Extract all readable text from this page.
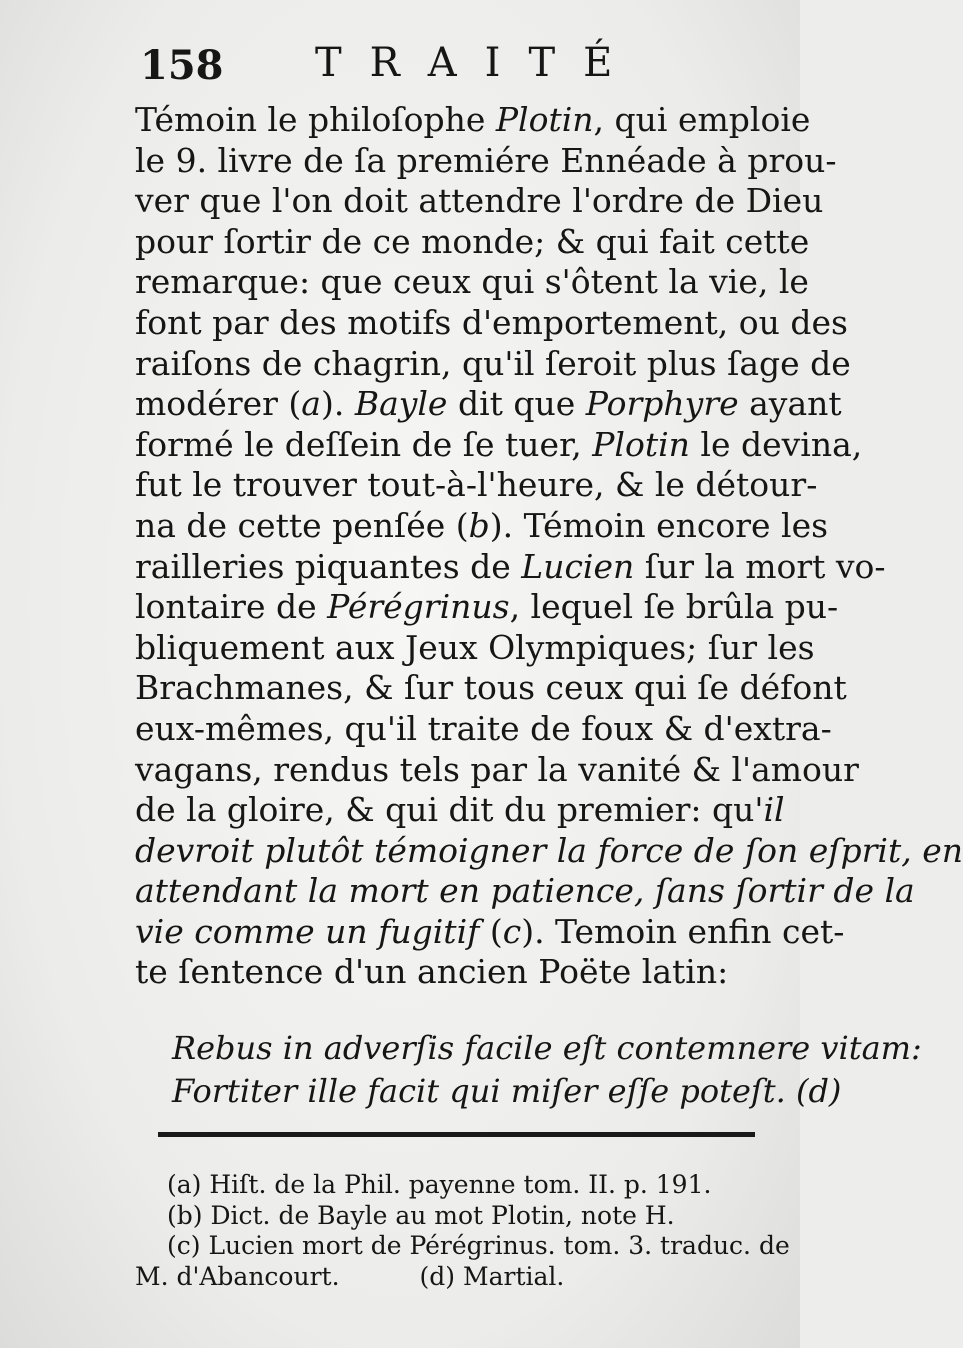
158 TRAITÉ
Témoin le philoſophe Plotin, qui emploie
le 9. livre de ſa premiére Ennéade à prou-
ver que l'on doit attendre l'ordre de Dieu
pour ſortir de ce monde; & qui fait cette
remarque: que ceux qui s'ôtent la vie, le
font par des motifs d'emportement, ou des
raiſons de chagrin, qu'il ſeroit plus ſage de
modérer (a). Bayle dit que Porphyre ayant
formé le deſſein de ſe tuer, Plotin le devina,
fut le trouver tout-à-l'heure, & le détour-
na de cette penſée (b). Témoin encore les
railleries piquantes de Lucien ſur la mort vo-
lontaire de Pérégrinus, lequel ſe brûla pu-
bliquement aux Jeux Olympiques; ſur les
Brachmanes, & ſur tous ceux qui ſe défont
eux-mêmes, qu'il traite de foux & d'extra-
vagans, rendus tels par la vanité & l'amour
de la gloire, & qui dit du premier: qu'il
devroit plutôt témoigner la force de ſon eſprit, en
attendant la mort en patience, ſans ſortir de la
vie comme un fugitif (c). Temoin enfin cet-
te ſentence d'un ancien Poëte latin:
Rebus in adverſis facile eſt contemnere vitam:
Fortiter ille facit qui miſer eſſe poteſt. (d)
(a) Hiſt. de la Phil. payenne tom. II. p. 191.
(b) Dict. de Bayle au mot Plotin, note H.
(c) Lucien mort de Pérégrinus. tom. 3. traduc. de
M. d'Abancourt.	(d) Martial.
